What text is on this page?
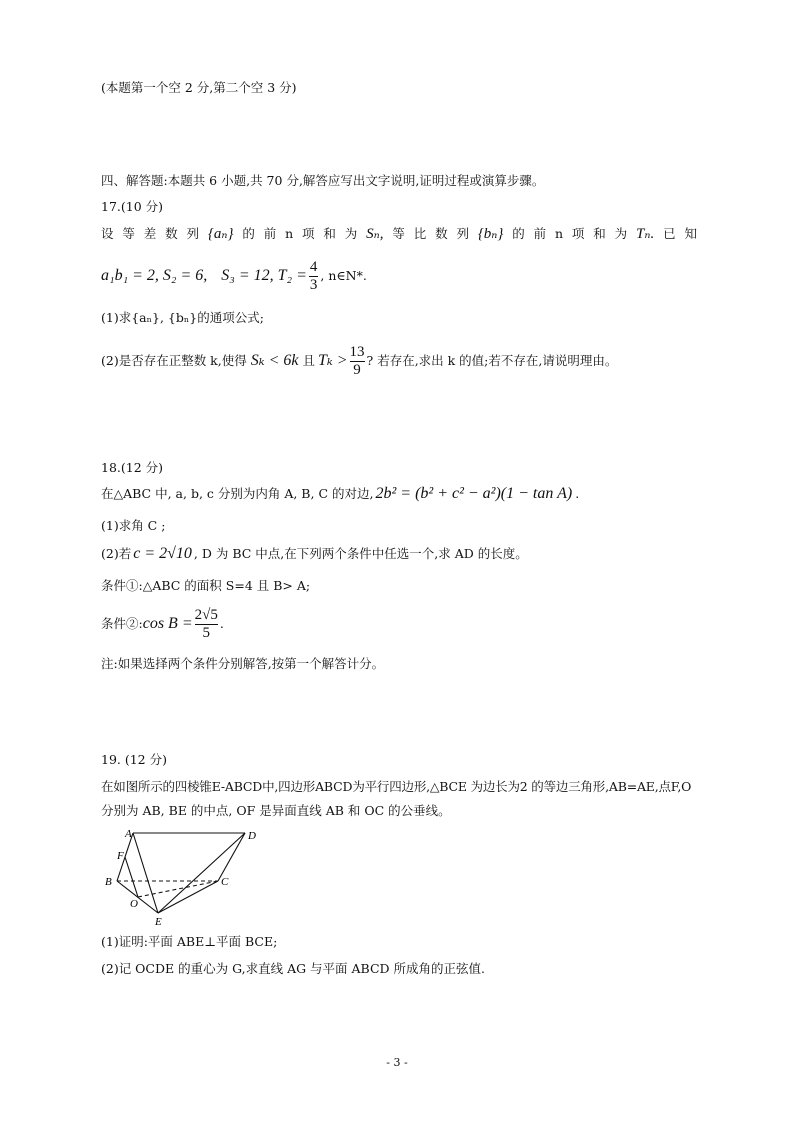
(本题第一个空 2 分,第二个空 3 分)
四、解答题:本题共 6 小题,共 70 分,解答应写出文字说明,证明过程或演算步骤。
17.(10 分)
设 等 差 数 列 {aₙ} 的 前 n 项 和 为 Sₙ, 等 比 数 列 {bₙ} 的 前 n 项 和 为 Tₙ. 已 知
a₁b₁ = 2, S₂ = 6, S₃ = 12, $T_2 = \frac{4}{3}$ , n∈N*.
(1)求{aₙ}, {bₙ}的通项公式;
(2)是否存在正整数 k,使得 Sₖ < 6k 且 $T_k > \frac{13}{9}$ ? 若存在,求出 k 的值;若不存在,请说明理由。
18.(12 分)
在△ABC 中, a, b, c 分别为内角 A, B, C 的对边, 2b² = (b² + c² − a²)(1 − tan A) .
(1)求角 C ;
(2)若 c = 2√10 , D 为 BC 中点,在下列两个条件中任选一个,求 AD 的长度。
条件①:△ABC 的面积 S=4 且 B> A;
条件②: $\cos B = \frac{2√5}{5}$ .
注:如果选择两个条件分别解答,按第一个解答计分。
19. (12 分)
在如图所示的四棱锥E-ABCD中,四边形ABCD为平行四边形,△BCE 为边长为2 的等边三角形,AB=AE,点F,O
分别为 AB, BE 的中点, OF 是异面直线 AB 和 OC 的公垂线。
A	D
F
B	C
O
E
(1)证明:平面 ABE⊥平面 BCE;
(2)记 OCDE 的重心为 G,求直线 AG 与平面 ABCD 所成角的正弦值.
- 3 -
